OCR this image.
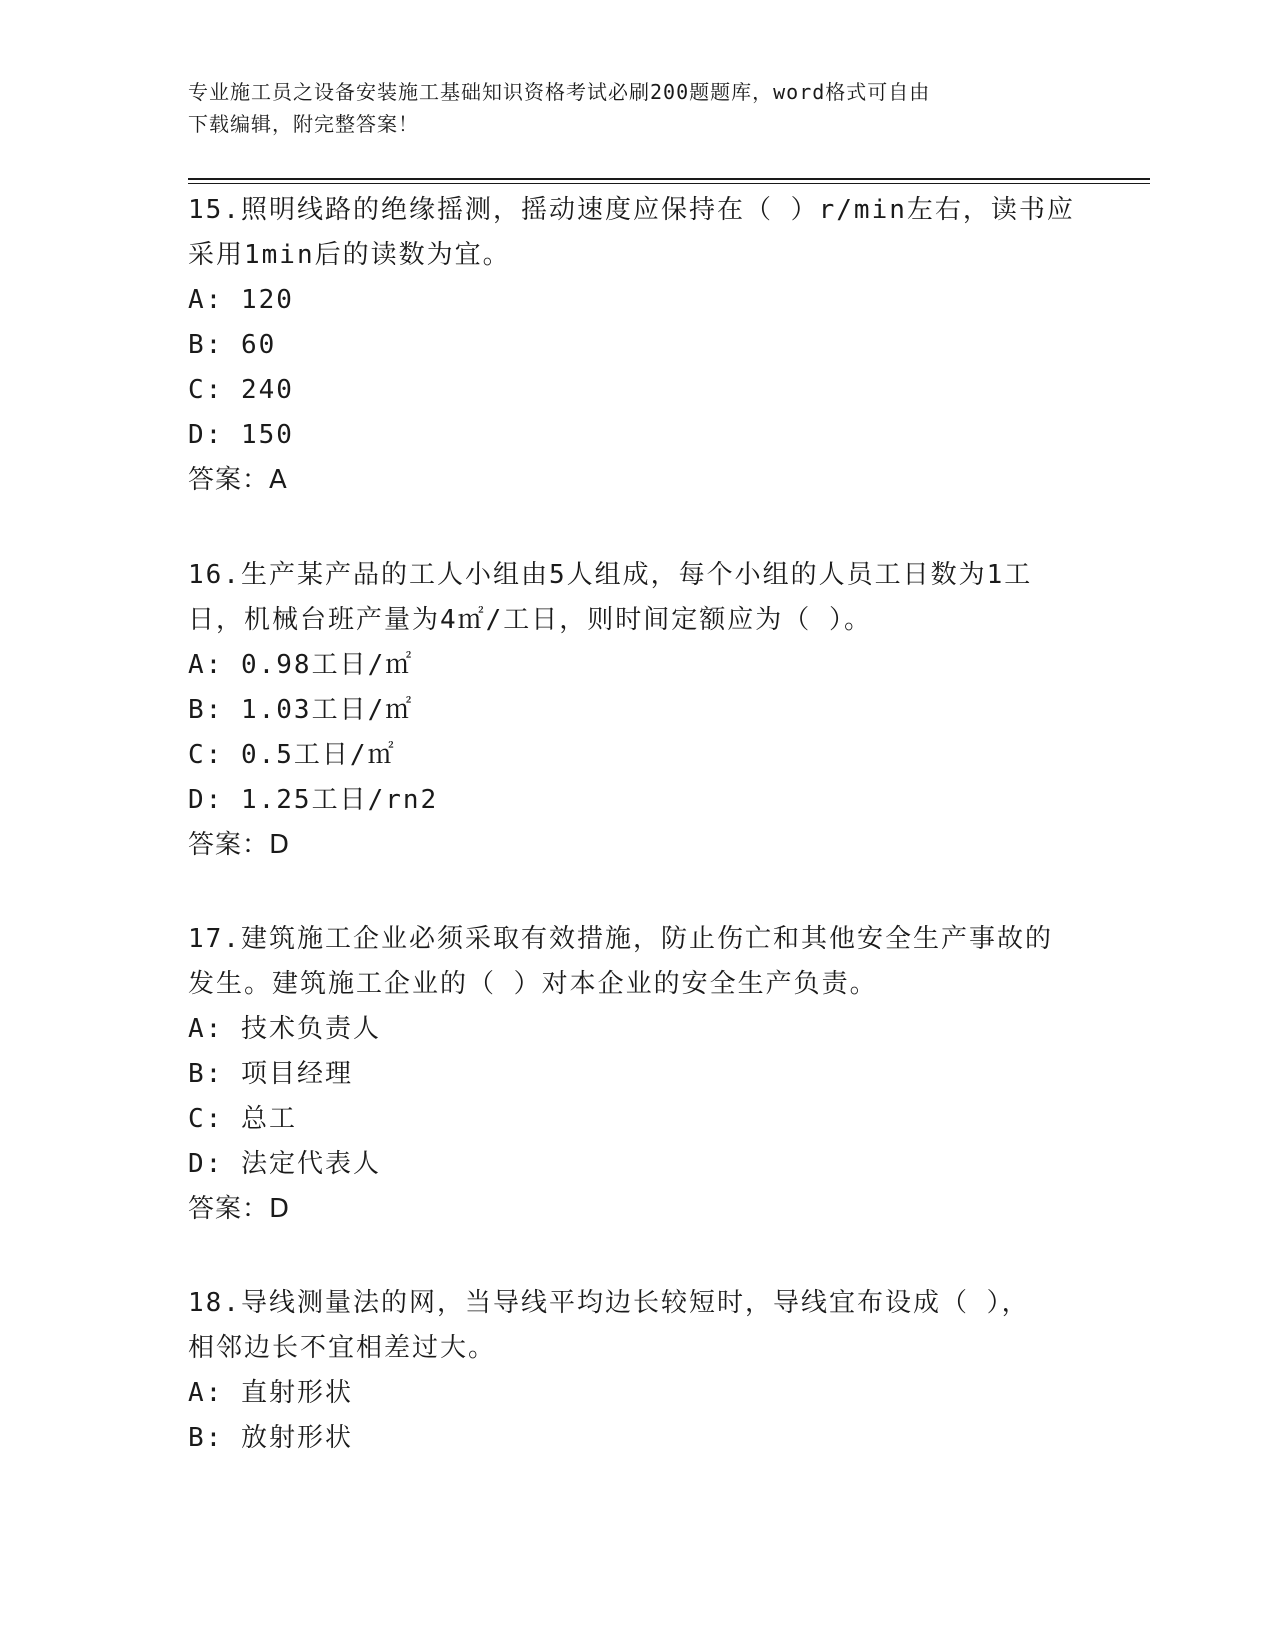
专业施工员之设备安装施工基础知识资格考试必刷200题题库，word格式可自由
下载编辑，附完整答案！
15.照明线路的绝缘摇测，摇动速度应保持在（ ）r/min左右，读书应
采用1min后的读数为宜。
A: 120
B: 60
C: 240
D: 150
答案：A
16.生产某产品的工人小组由5人组成，每个小组的人员工日数为1工
日，机械台班产量为4㎡/工日，则时间定额应为（ ）。
A: 0.98工日/㎡
B: 1.03工日/㎡
C: 0.5工日/㎡
D: 1.25工日/rn2
答案：D
17.建筑施工企业必须采取有效措施，防止伤亡和其他安全生产事故的
发生。建筑施工企业的（ ）对本企业的安全生产负责。
A: 技术负责人
B: 项目经理
C: 总工
D: 法定代表人
答案：D
18.导线测量法的网，当导线平均边长较短时，导线宜布设成（ ），
相邻边长不宜相差过大。
A: 直射形状
B: 放射形状
